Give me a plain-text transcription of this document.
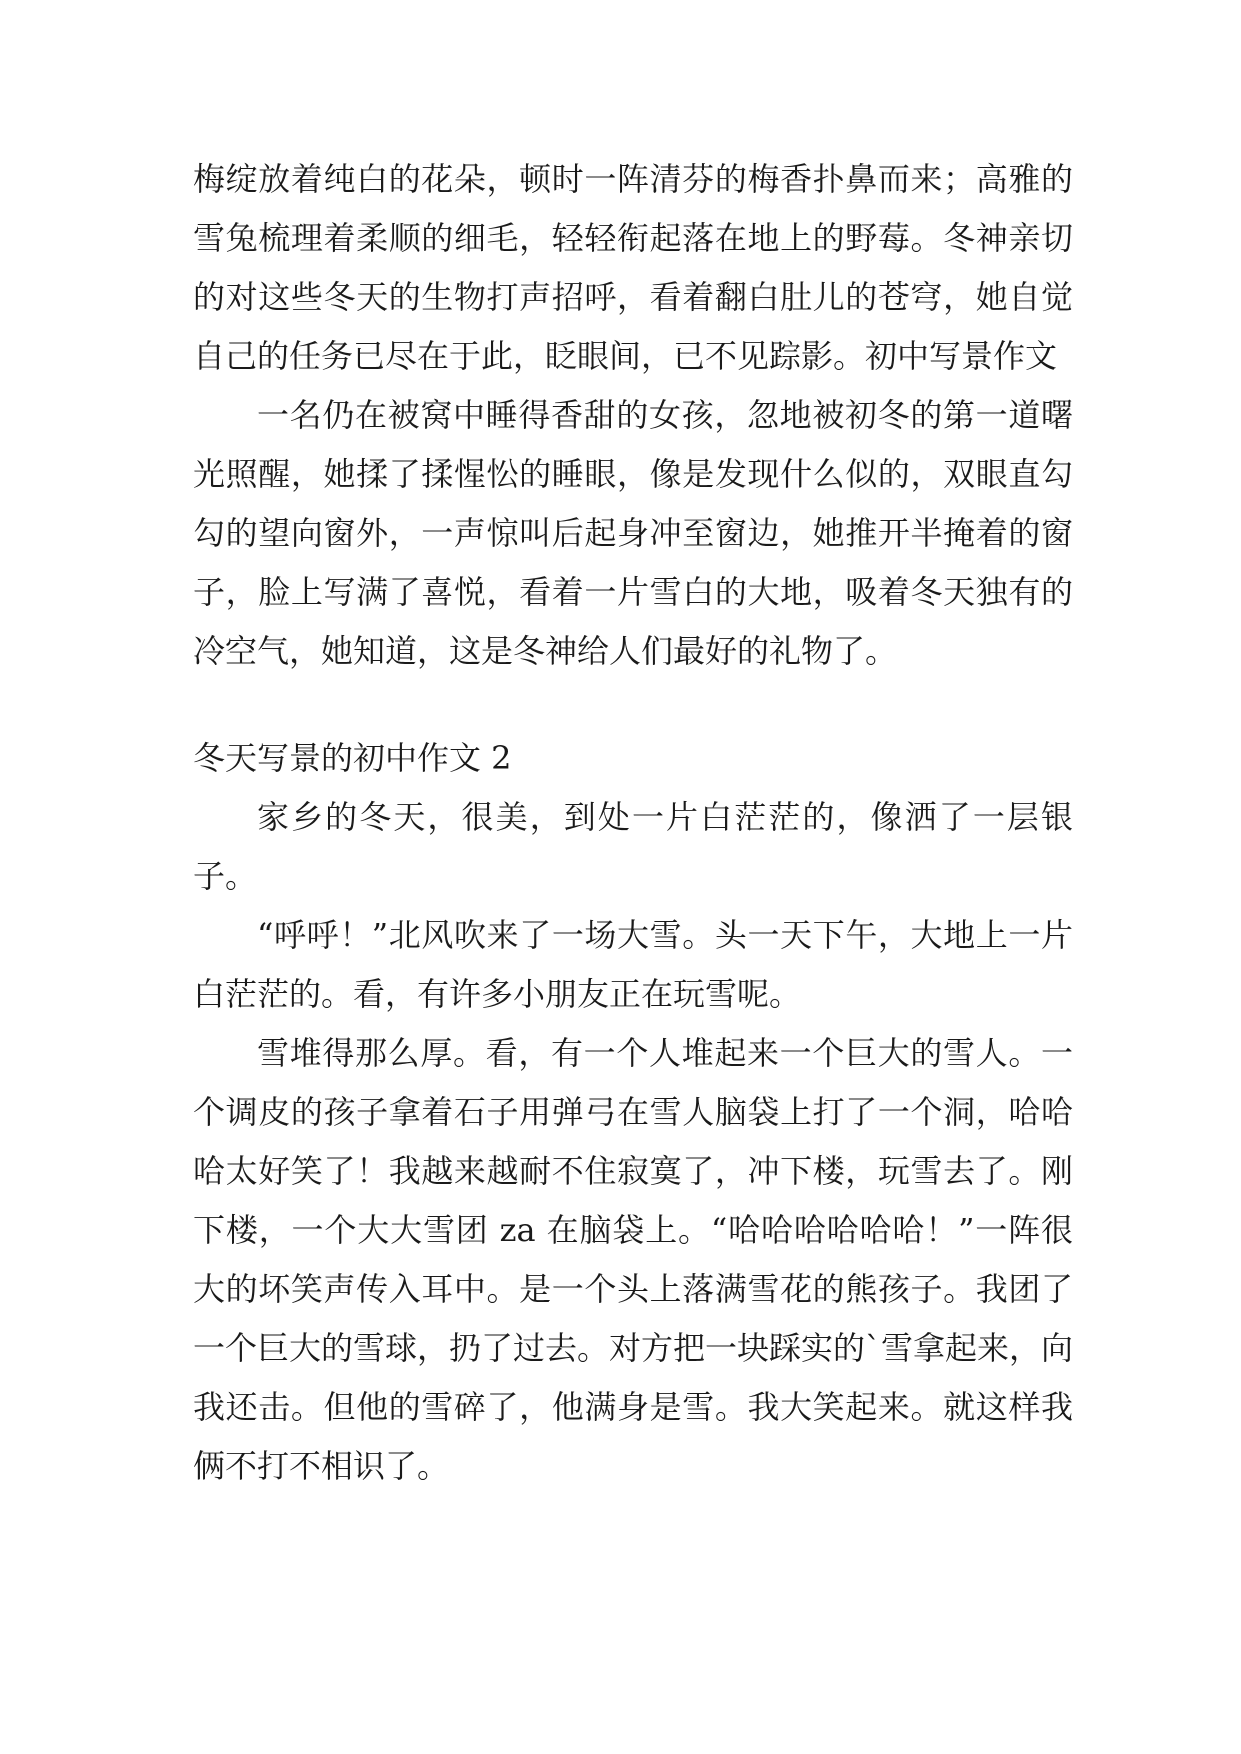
梅绽放着纯白的花朵，顿时一阵清芬的梅香扑鼻而来；高雅的雪兔梳理着柔顺的细毛，轻轻衔起落在地上的野莓。冬神亲切的对这些冬天的生物打声招呼，看着翻白肚儿的苍穹，她自觉自己的任务已尽在于此，眨眼间，已不见踪影。初中写景作文

一名仍在被窝中睡得香甜的女孩，忽地被初冬的第一道曙光照醒，她揉了揉惺忪的睡眼，像是发现什么似的，双眼直勾勾的望向窗外，一声惊叫后起身冲至窗边，她推开半掩着的窗子，脸上写满了喜悦，看着一片雪白的大地，吸着冬天独有的冷空气，她知道，这是冬神给人们最好的礼物了。

冬天写景的初中作文 2

家乡的冬天，很美，到处一片白茫茫的，像洒了一层银子。

“呼呼！”北风吹来了一场大雪。头一天下午，大地上一片白茫茫的。看，有许多小朋友正在玩雪呢。

雪堆得那么厚。看，有一个人堆起来一个巨大的雪人。一个调皮的孩子拿着石子用弹弓在雪人脑袋上打了一个洞，哈哈哈太好笑了！我越来越耐不住寂寞了，冲下楼，玩雪去了。刚下楼，一个大大雪团 za 在脑袋上。“哈哈哈哈哈哈！”一阵很大的坏笑声传入耳中。是一个头上落满雪花的熊孩子。我团了一个巨大的雪球，扔了过去。对方把一块踩实的`雪拿起来，向我还击。但他的雪碎了，他满身是雪。我大笑起来。就这样我俩不打不相识了。
